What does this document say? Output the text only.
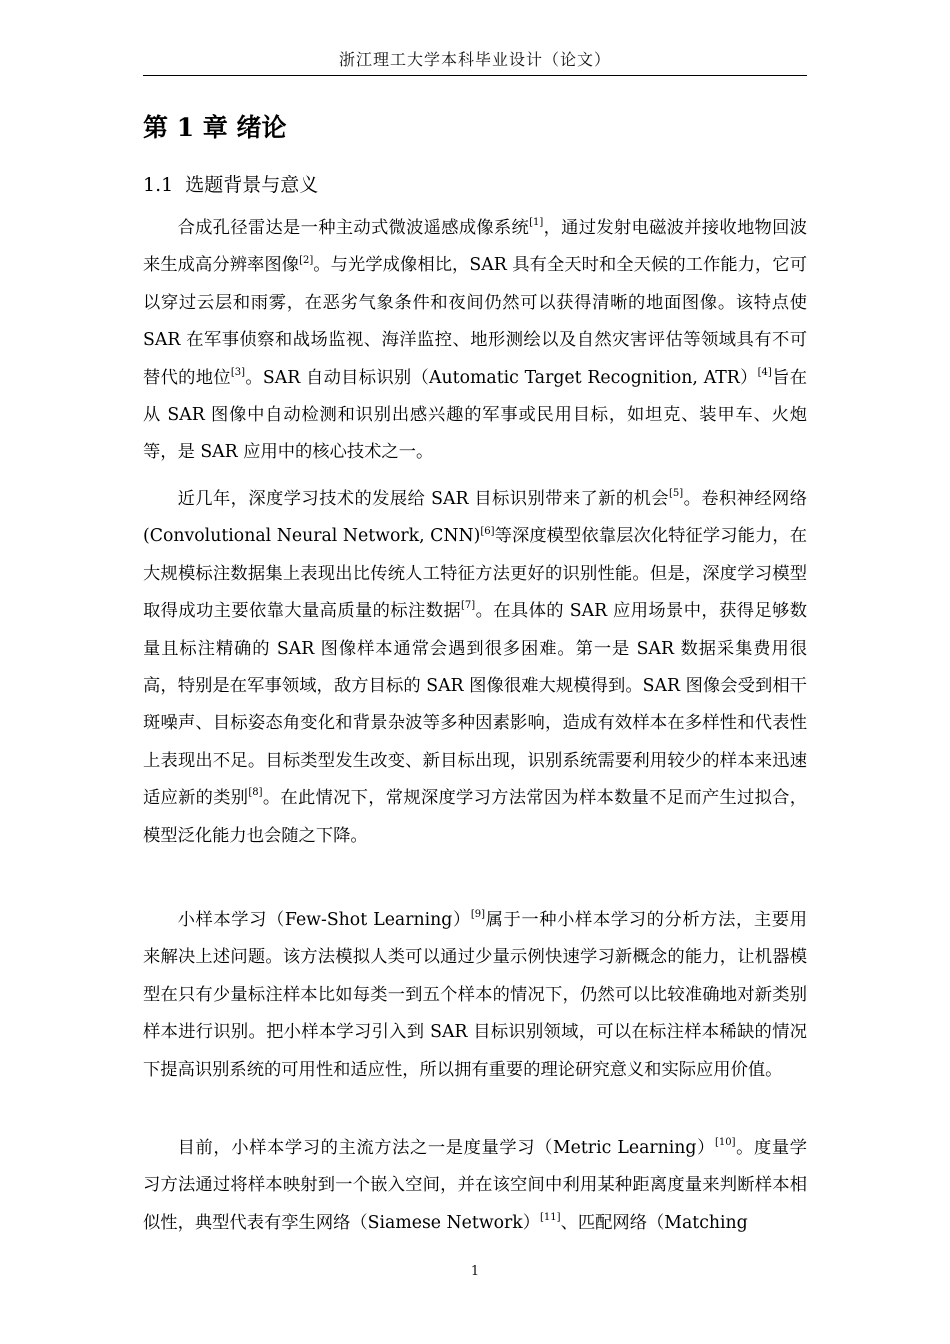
浙江理工大学本科毕业设计（论文）
第 1 章 绪论
1.1 选题背景与意义

合成孔径雷达是一种主动式微波遥感成像系统[1]，通过发射电磁波并接收地物回波来生成高分辨率图像[2]。与光学成像相比，SAR 具有全天时和全天候的工作能力，它可以穿过云层和雨雾，在恶劣气象条件和夜间仍然可以获得清晰的地面图像。该特点使 SAR 在军事侦察和战场监视、海洋监控、地形测绘以及自然灾害评估等领域具有不可替代的地位[3]。SAR 自动目标识别（Automatic Target Recognition, ATR）[4]旨在从 SAR 图像中自动检测和识别出感兴趣的军事或民用目标，如坦克、装甲车、火炮等，是 SAR 应用中的核心技术之一。

近几年，深度学习技术的发展给 SAR 目标识别带来了新的机会[5]。卷积神经网络 (Convolutional Neural Network, CNN)[6]等深度模型依靠层次化特征学习能力，在大规模标注数据集上表现出比传统人工特征方法更好的识别性能。但是，深度学习模型取得成功主要依靠大量高质量的标注数据[7]。在具体的 SAR 应用场景中，获得足够数量且标注精确的 SAR 图像样本通常会遇到很多困难。第一是 SAR 数据采集费用很高，特别是在军事领域，敌方目标的 SAR 图像很难大规模得到。SAR 图像会受到相干斑噪声、目标姿态角变化和背景杂波等多种因素影响，造成有效样本在多样性和代表性上表现出不足。目标类型发生改变、新目标出现，识别系统需要利用较少的样本来迅速适应新的类别[8]。在此情况下，常规深度学习方法常因为样本数量不足而产生过拟合，模型泛化能力也会随之下降。

小样本学习（Few-Shot Learning）[9]属于一种小样本学习的分析方法，主要用来解决上述问题。该方法模拟人类可以通过少量示例快速学习新概念的能力，让机器模型在只有少量标注样本比如每类一到五个样本的情况下，仍然可以比较准确地对新类别样本进行识别。把小样本学习引入到 SAR 目标识别领域，可以在标注样本稀缺的情况下提高识别系统的可用性和适应性，所以拥有重要的理论研究意义和实际应用价值。

目前，小样本学习的主流方法之一是度量学习（Metric Learning）[10]。度量学习方法通过将样本映射到一个嵌入空间，并在该空间中利用某种距离度量来判断样本相似性，典型代表有孪生网络（Siamese Network）[11]、匹配网络（Matching

1
